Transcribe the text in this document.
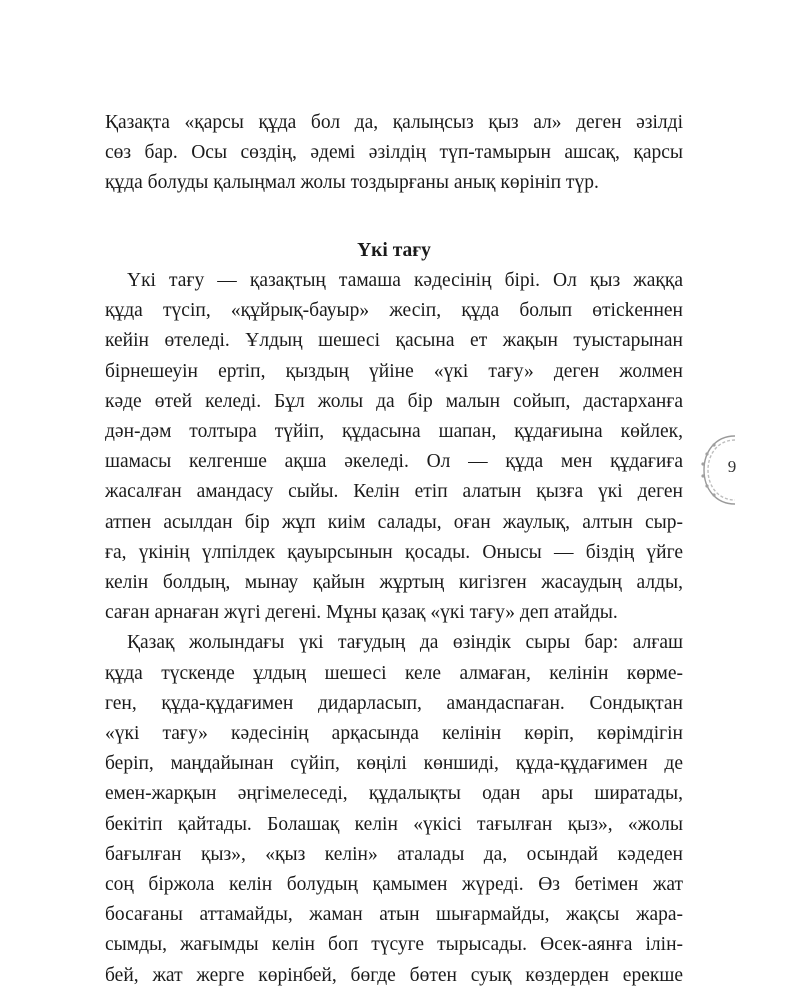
Қазақта «қарсы құда бол да, қалыңсыз қыз ал» деген әзілді
сөз бар. Осы сөздің, әдемі әзілдің түп-тамырын ашсақ, қарсы
құда болуды қалыңмал жолы тоздырғаны анық көрініп түр.
Үкі тағу
Үкі тағу — қазақтың тамаша кәдесінің бірі. Ол қыз жаққа
құда түсіп, «құйрық-бауыр» жесіп, құда болып өтісkеннен
кейін өтеледі. Ұлдың шешесі қасына ет жақын туыстарынан
бірнешеуін ертіп, қыздың үйіне «үкі тағу» деген жолмен
кәде өтей келеді. Бұл жолы да бір малын сойып, дастарханға
дән-дәм толтыра түйіп, құдасына шапан, құдағиына көйлек,
шамасы келгенше ақша әкеледі. Ол — құда мен құдағиға
жасалған амандасу сыйы. Келін етіп алатын қызға үкі деген
атпен асылдан бір жұп киім салады, оған жаулық, алтын сыр-
ға, үкінің үлпілдек қауырсынын қосады. Онысы — біздің үйге
келін болдың, мынау қайын жұртың кигізген жасаудың алды,
саған арнаған жүгі дегені. Мұны қазақ «үкі тағу» деп атайды.
Қазақ жолындағы үкі тағудың да өзіндік сыры бар: алғаш
құда түскенде ұлдың шешесі келе алмаған, келінін көрме-
ген, құда-құдағимен дидарласып, амандаспаған. Сондықтан
«үкі тағу» кәдесінің арқасында келінін көріп, көрімдігін
беріп, маңдайынан сүйіп, көңілі көншиді, құда-құдағимен де
емен-жарқын әңгімелеседі, құдалықты одан ары ширатады,
бекітіп қайтады. Болашақ келін «үкісі тағылған қыз», «жолы
бағылған қыз», «қыз келін» аталады да, осындай кәдеден
соң біржола келін болудың қамымен жүреді. Өз бетімен жат
босағаны аттамайды, жаман атын шығармайды, жақсы жара-
сымды, жағымды келін боп түсуге тырысады. Өсек-аянға ілін-
бей, жат жерге көрінбей, бөгде бөтен суық көздерден ерекше
9
